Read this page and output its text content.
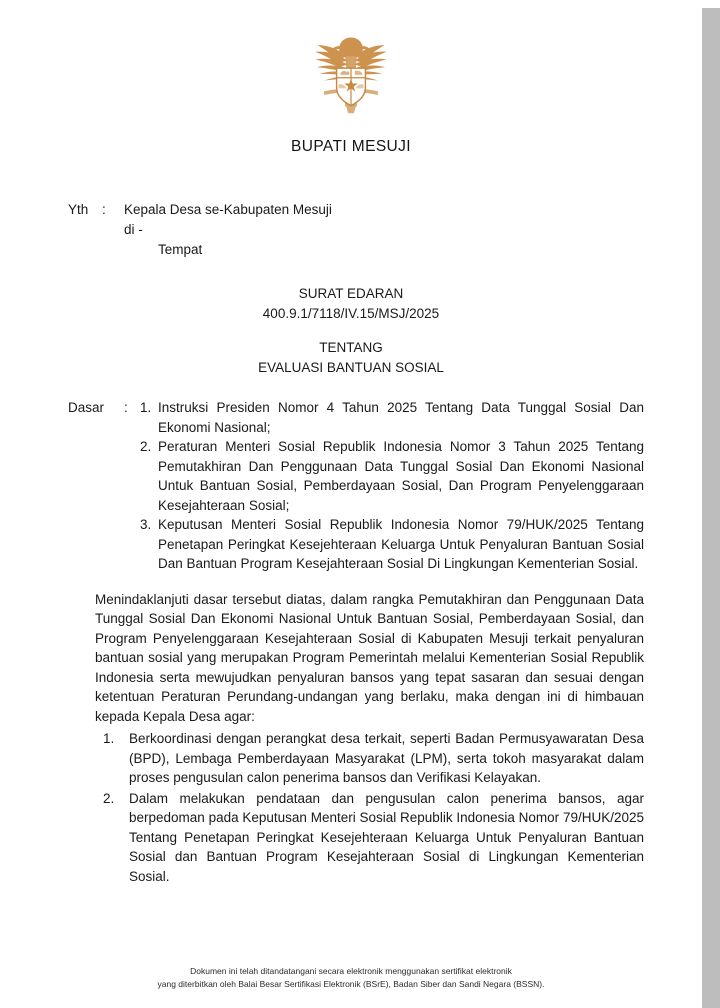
BUPATI MESUJI
Yth	:	Kepala Desa se-Kabupaten Mesuji
di -
Tempat
SURAT EDARAN
400.9.1/7118/IV.15/MSJ/2025
TENTANG
EVALUASI BANTUAN SOSIAL
Dasar	: 1. Instruksi Presiden Nomor 4 Tahun 2025 Tentang Data Tunggal Sosial Dan Ekonomi Nasional;
2. Peraturan Menteri Sosial Republik Indonesia Nomor 3 Tahun 2025 Tentang Pemutakhiran Dan Penggunaan Data Tunggal Sosial Dan Ekonomi Nasional Untuk Bantuan Sosial, Pemberdayaan Sosial, Dan Program Penyelenggaraan Kesejahteraan Sosial;
3. Keputusan Menteri Sosial Republik Indonesia Nomor 79/HUK/2025 Tentang Penetapan Peringkat Kesejehteraan Keluarga Untuk Penyaluran Bantuan Sosial Dan Bantuan Program Kesejahteraan Sosial Di Lingkungan Kementerian Sosial.
Menindaklanjuti dasar tersebut diatas, dalam rangka Pemutakhiran dan Penggunaan Data Tunggal Sosial Dan Ekonomi Nasional Untuk Bantuan Sosial, Pemberdayaan Sosial, dan Program Penyelenggaraan Kesejahteraan Sosial di Kabupaten Mesuji terkait penyaluran bantuan sosial yang merupakan Program Pemerintah melalui Kementerian Sosial Republik Indonesia serta mewujudkan penyaluran bansos yang tepat sasaran dan sesuai dengan ketentuan Peraturan Perundang-undangan yang berlaku, maka dengan ini di himbauan kepada Kepala Desa agar:
1.	Berkoordinasi dengan perangkat desa terkait, seperti Badan Permusyawaratan Desa (BPD), Lembaga Pemberdayaan Masyarakat (LPM), serta tokoh masyarakat dalam proses pengusulan calon penerima bansos dan Verifikasi Kelayakan.
2.	Dalam melakukan pendataan dan pengusulan calon penerima bansos, agar berpedoman pada Keputusan Menteri Sosial Republik Indonesia Nomor 79/HUK/2025 Tentang Penetapan Peringkat Kesejehteraan Keluarga Untuk Penyaluran Bantuan Sosial dan Bantuan Program Kesejahteraan Sosial di Lingkungan Kementerian Sosial.
Dokumen ini telah ditandatangani secara elektronik menggunakan sertifikat elektronik
yang diterbitkan oleh Balai Besar Sertifikasi Elektronik (BSrE), Badan Siber dan Sandi Negara (BSSN).
